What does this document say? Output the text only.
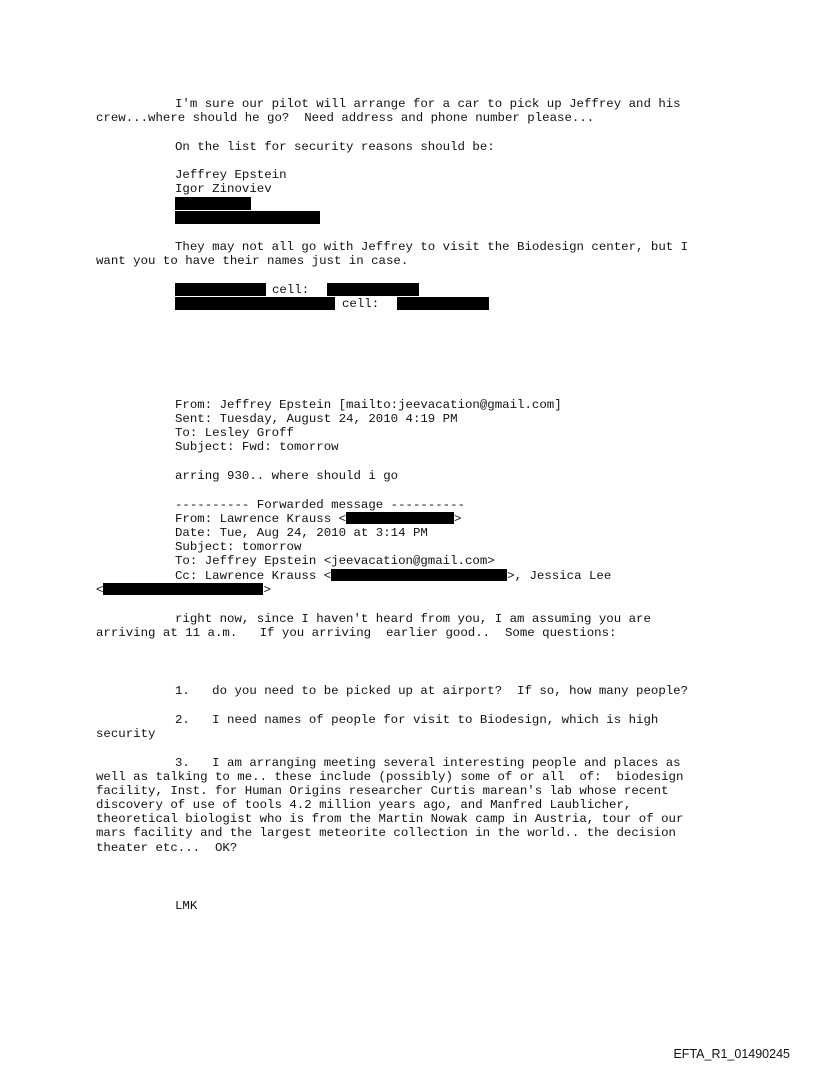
I'm sure our pilot will arrange for a car to pick up Jeffrey and his
crew...where should he go?  Need address and phone number please...
On the list for security reasons should be:
Jeffrey Epstein
Igor Zinoviev
They may not all go with Jeffrey to visit the Biodesign center, but I
want you to have their names just in case.
cell:
cell:
From: Jeffrey Epstein [mailto:jeevacation@gmail.com]
Sent: Tuesday, August 24, 2010 4:19 PM
To: Lesley Groff
Subject: Fwd: tomorrow
arring 930.. where should i go
---------- Forwarded message ----------
From: Lawrence Krauss <	>
Date: Tue, Aug 24, 2010 at 3:14 PM
Subject: tomorrow
To: Jeffrey Epstein <jeevacation@gmail.com>
Cc: Lawrence Krauss <	>, Jessica Lee
<	>
right now, since I haven't heard from you, I am assuming you are
arriving at 11 a.m.   If you arriving  earlier good..  Some questions:
1.   do you need to be picked up at airport?  If so, how many people?
2.   I need names of people for visit to Biodesign, which is high
security
3.   I am arranging meeting several interesting people and places as
well as talking to me.. these include (possibly) some of or all  of:  biodesign
facility, Inst. for Human Origins researcher Curtis marean's lab whose recent
discovery of use of tools 4.2 million years ago, and Manfred Laublicher,
theoretical biologist who is from the Martin Nowak camp in Austria, tour of our
mars facility and the largest meteorite collection in the world.. the decision
theater etc...  OK?
LMK
EFTA_R1_01490245
